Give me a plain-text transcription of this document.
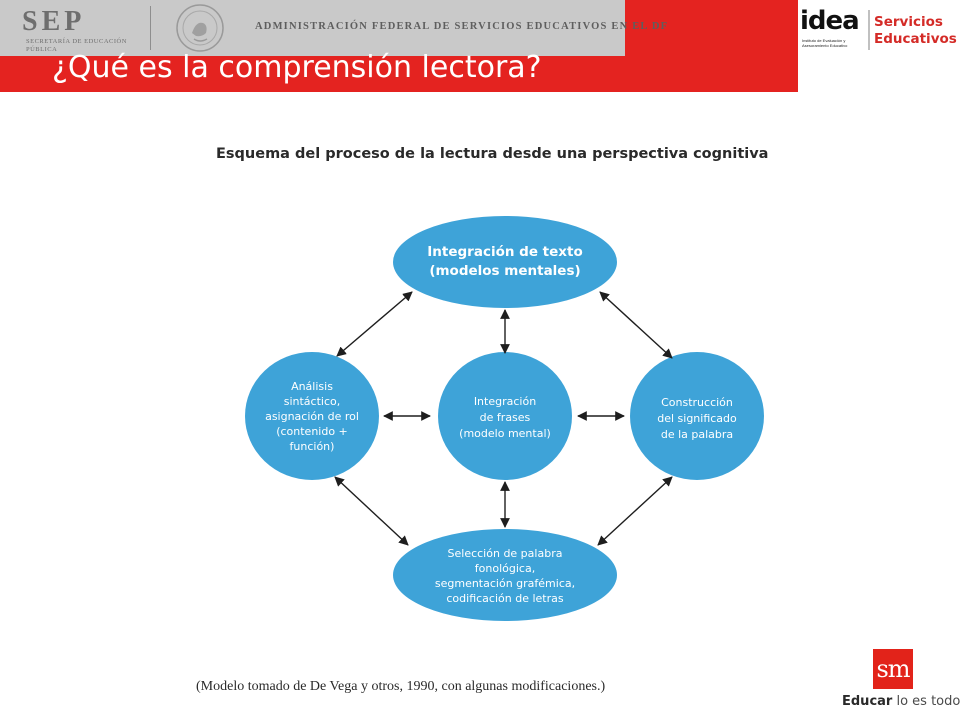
SEP
SECRETARÍA DE EDUCACIÓN PÚBLICA
ADMINISTRACIÓN FEDERAL DE SERVICIOS EDUCATIVOS EN EL DF
¿Qué es la comprensión lectora?
idea
Instituto de Evaluación y Asesoramiento Educativo
Servicios
Educativos
Esquema del proceso de la lectura desde una perspectiva cognitiva
Integración de texto
(modelos mentales)
Análisis
sintáctico,
asignación de rol
(contenido +
función)
Integración
de frases
(modelo mental)
Construcción
del significado
de la palabra
Selección de palabra
fonológica,
segmentación grafémica,
codificación de letras
(Modelo tomado de De Vega y otros, 1990, con algunas modificaciones.)
sm
Educar lo es todo
